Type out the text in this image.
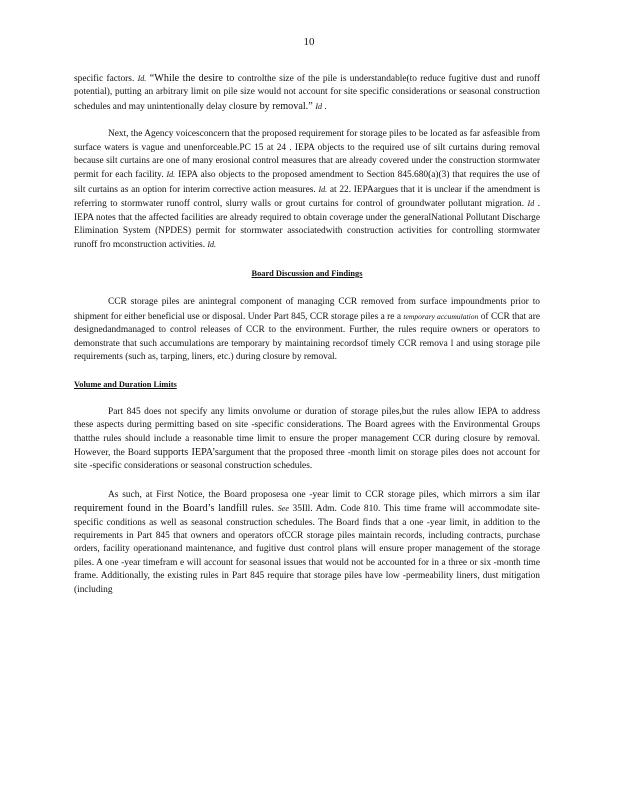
10

specific factors. Id. “While the desire to controlthe size of the pile is understandable(to reduce fugitive dust and runoff potential), putting an arbitrary limit on pile size would not account for site specific considerations or seasonal construction schedules and may unintentionally delay closure by removal.” Id .

Next, the Agency voicesconcern that the proposed requirement for storage piles to be located as far asfeasible from surface waters is vague and unenforceable.PC 15 at 24 . IEPA objects to the required use of silt curtains during removal because silt curtains are one of many erosional control measures that are already covered under the construction stormwater permit for each facility. Id. IEPA also objects to the proposed amendment to Section 845.680(a)(3) that requires the use of silt curtains as an option for interim corrective action measures. Id. at 22. IEPAargues that it is unclear if the amendment is referring to stormwater runoff control, slurry walls or grout curtains for control of groundwater pollutant migration. Id . IEPA notes that the affected facilities are already required to obtain coverage under the generalNational Pollutant Discharge Elimination System (NPDES) permit for stormwater associatedwith construction activities for controlling stormwater runoff fro mconstruction activities. Id.

Board Discussion and Findings

CCR storage piles are anintegral component of managing CCR removed from surface impoundments prior to shipment for either beneficial use or disposal. Under Part 845, CCR storage piles a re a temporary accumulation of CCR that are designedandmanaged to control releases of CCR to the environment. Further, the rules require owners or operators to demonstrate that such accumulations are temporary by maintaining recordsof timely CCR remova l and using storage pile requirements (such as, tarping, liners, etc.) during closure by removal.

Volume and Duration Limits

Part 845 does not specify any limits onvolume or duration of storage piles,but the rules allow IEPA to address these aspects during permitting based on site -specific considerations. The Board agrees with the Environmental Groups thatthe rules should include a reasonable time limit to ensure the proper management CCR during closure by removal. However, the Board supports IEPA’sargument that the proposed three -month limit on storage piles does not account for site -specific considerations or seasonal construction schedules.

As such, at First Notice, the Board proposesa one -year limit to CCR storage piles, which mirrors a sim ilar requirement found in the Board’s landfill rules. See 35Ill. Adm. Code 810. This time frame will accommodate site-specific conditions as well as seasonal construction schedules. The Board finds that a one -year limit, in addition to the requirements in Part 845 that owners and operators ofCCR storage piles maintain records, including contracts, purchase orders, facility operationand maintenance, and fugitive dust control plans will ensure proper management of the storage piles. A one -year timefram e will account for seasonal issues that would not be accounted for in a three or six -month time frame. Additionally, the existing rules in Part 845 require that storage piles have low -permeability liners, dust mitigation (including
